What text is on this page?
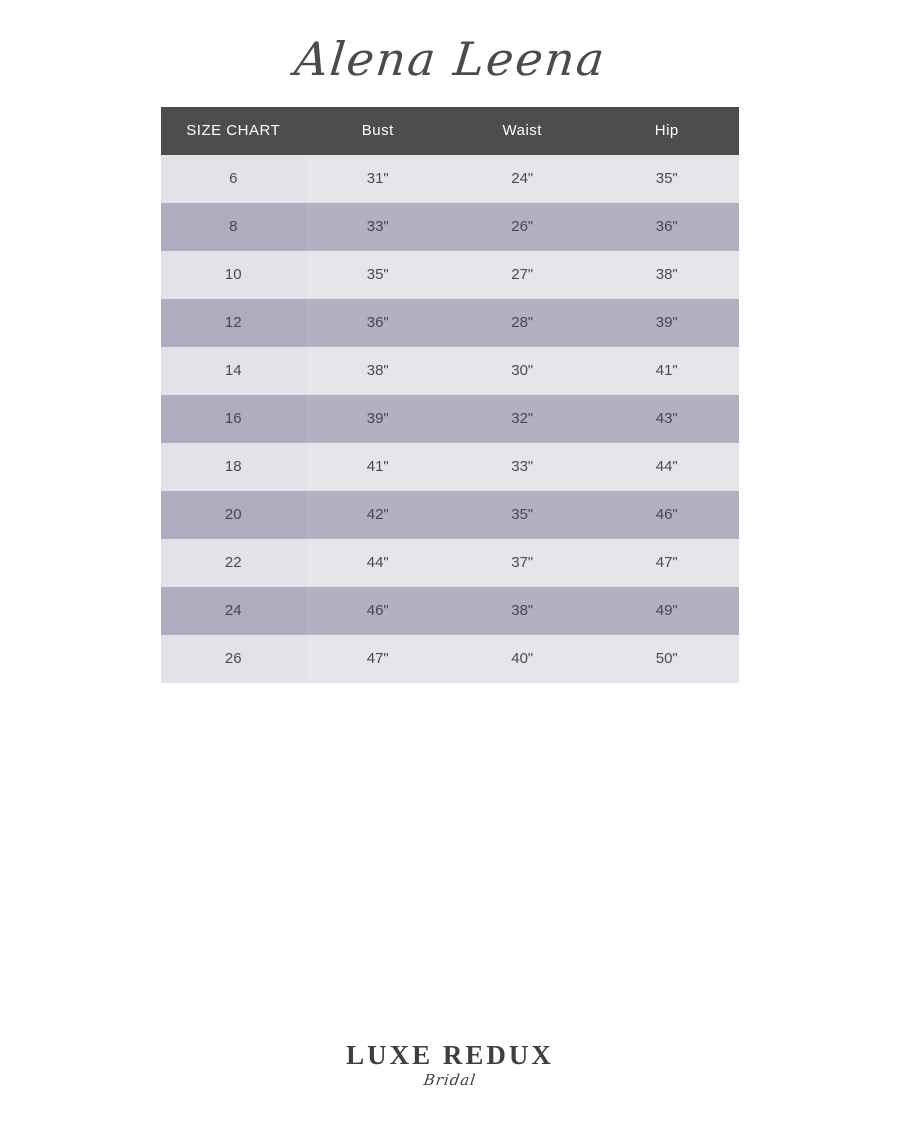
Alena Leena
SIZE CHART	Bust	Waist	Hip
6	31"	24"	35"
8	33"	26"	36"
10	35"	27"	38"
12	36"	28"	39"
14	38"	30"	41"
16	39"	32"	43"
18	41"	33"	44"
20	42"	35"	46"
22	44"	37"	47"
24	46"	38"	49"
26	47"	40"	50"
LUXE REDUX
Bridal
